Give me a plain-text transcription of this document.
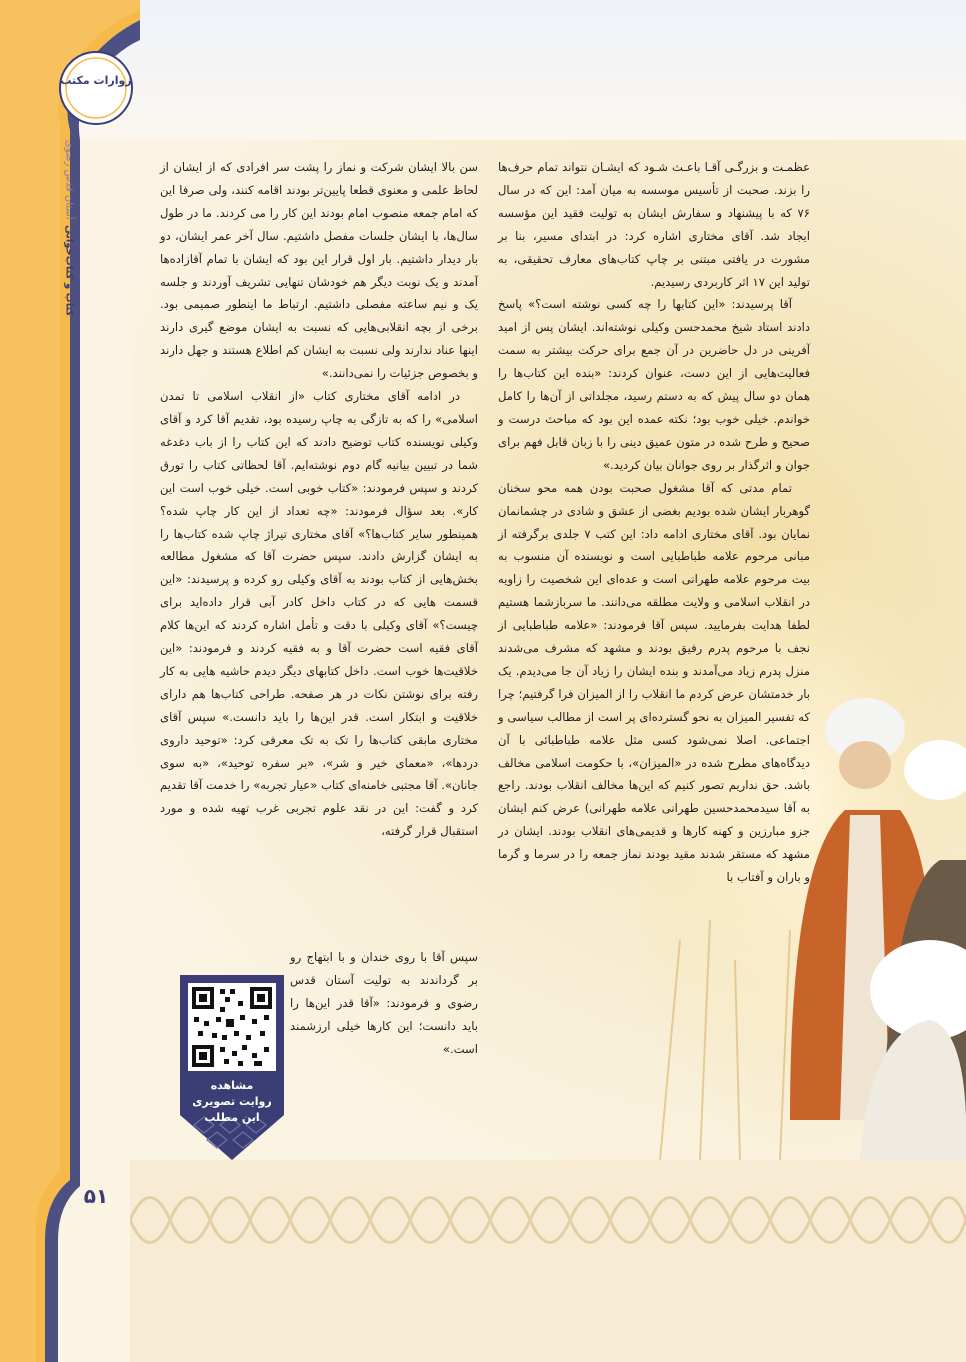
زوارات مکتب
آستان قدس رضوی
کتاب و کتاب‌خوانی
۵۱

عظمـت و بزرگـی آقـا باعـث شـود که ایشـان نتواند تمام حرف‌ها را بزند. صحبت از تأسیس موسسه به میان آمد: این که در سال ۷۶ که با پیشنهاد و سفارش ایشان به تولیت فقید این مؤسسه ایجاد شد. آقای مختاری اشاره کرد: در ابتدای مسیر، بنا بر مشورت در یافتی مبتنی بر چاپ کتاب‌های معارف تحقیقی، به تولید این ۱۷ اثر کاربردی رسیدیم.

آقا پرسیدند: «این کتابها را چه کسی نوشته است؟» پاسخ دادند استاد شیخ محمدحسن وکیلی نوشته‌اند. ایشان پس از امید آفرینی در دل حاضرین در آن جمع برای حرکت بیشتر به سمت فعالیت‌هایی از این دست، عنوان کردند: «بنده این کتاب‌ها را همان دو سال پیش که به دستم رسید، مجلداتی از آن‌ها را کامل خواندم. خیلی خوب بود؛ نکته عمده این بود که مباحث درست و صحیح و طرح شده در متون عمیق دینی را با زبان قابل فهم برای جوان و اثرگذار بر روی جوانان بیان کردید.»

تمام مدتی که آقا مشغول صحبت بودن همه محو سخنان گوهربار ایشان شده بودیم بغضی از عشق و شادی در چشمانمان نمایان بود. آقای مختاری ادامه داد: این کتب ۷ جلدی برگرفته از مبانی مرحوم علامه طباطبایی است و نویسنده آن منسوب به بیت مرحوم علامه طهرانی است و عده‌ای این شخصیت را زاویه در انقلاب اسلامی و ولایت مطلقه می‌دانند. ما سربازشما هستیم لطفا هدایت بفرمایید. سپس آقا فرمودند: «علامه طباطبایی از نجف با مرحوم پدرم رفیق بودند و مشهد که مشرف می‌شدند منزل پدرم زیاد می‌آمدند و بنده ایشان را زیاد آن جا می‌دیدم. یک بار خدمتشان عرض کردم ما انقلاب را از المیزان فرا گرفتیم؛ چرا که تفسیر المیزان به نحو گسترده‌ای پر است از مطالب سیاسی و اجتماعی. اصلا نمی‌شود کسی مثل علامه طباطبائی با آن دیدگاه‌های مطرح شده در «المیزان»، با حکومت اسلامی مخالف باشد. حق نداریم تصور کنیم که این‌ها مخالف انقلاب بودند. راجع به آقا سیدمحمدحسین طهرانی علامه طهرانی) عرض کنم ایشان جزو مبارزین و کهنه کارها و قدیمی‌های انقلاب بودند. ایشان در مشهد که مستقر شدند مقید بودند نماز جمعه را در سرما و گرما و باران و آفتاب با

سن بالا ایشان شرکت و نماز را پشت سر افرادی که از ایشان از لحاظ علمی و معنوی قطعا پایین‌تر بودند اقامه کنند، ولی صرفا این که امام جمعه منصوب امام بودند این کار را می کردند. ما در طول سال‌ها، با ایشان جلسات مفصل داشتیم. سال آخر عمر ایشان، دو بار دیدار داشتیم. بار اول قرار این بود که ایشان با تمام آقازاده‌ها آمدند و یک نوبت دیگر هم خودشان تنهایی تشریف آوردند و جلسه یک و نیم ساعته مفصلی داشتیم. ارتباط ما اینطور صمیمی بود. برخی از بچه انقلابی‌هایی که نسبت به ایشان موضع گیری دارند اینها عناد ندارند ولی نسبت به ایشان کم اطلاع هستند و جهل دارند و بخصوص جزئیات را نمی‌دانند.»

در ادامه آقای مختاری کتاب «از انقلاب اسلامی تا تمدن اسلامی» را که به تازگی به چاپ رسیده بود، تقدیم آقا کرد و آقای وکیلی نویسنده کتاب توضیح دادند که این کتاب را از باب دغدغه شما در تبیین بیانیه گام دوم نوشته‌ایم. آقا لحظاتی کتاب را تورق کردند و سپس فرمودند: «کتاب خوبی است. خیلی خوب است این کار». بعد سؤال فرمودند: «چه تعداد از این کار چاپ شده؟ همینطور سایر کتاب‌ها؟» آقای مختاری تیراژ چاپ شده کتاب‌ها را به ایشان گزارش دادند. سپس حضرت آقا که مشغول مطالعه بخش‌هایی از کتاب بودند به آقای وکیلی رو کرده و پرسیدند: «این قسمت هایی که در کتاب داخل کادر آبی قرار داده‌اید برای چیست؟» آقای وکیلی با دقت و تأمل اشاره کردند که این‌ها کلام آقای فقیه است حضرت آقا و به فقیه کردند و فرمودند: «این خلاقیت‌ها خوب است. داخل کتابهای دیگر دیدم حاشیه هایی به کار رفته برای نوشتن نکات در هر صفحه. طراحی کتاب‌ها هم دارای خلاقیت و ابتکار است. قدر این‌ها را باید دانست.» سپس آقای مختاری مابقی کتاب‌ها را تک به تک معرفی کرد: «توحید داروی دردها»، «معمای خیر و شر»، «بر سفره توحید»، «به سوی جانان». آقا مجتبی خامنه‌ای کتاب «عیار تجربه» را خدمت آقا تقدیم کرد و گفت: این در نقد علوم تجربی غرب تهیه شده و مورد استقبال قرار گرفته،

سپس آقا با روی خندان و با ابتهاج رو بر گرداندند به تولیت آستان قدس رضوی و فرمودند: «آقا قدر این‌ها را باید دانست؛ این کارها خیلی ارزشمند است.»

مشاهده
روایت تصویری
این مطلب
